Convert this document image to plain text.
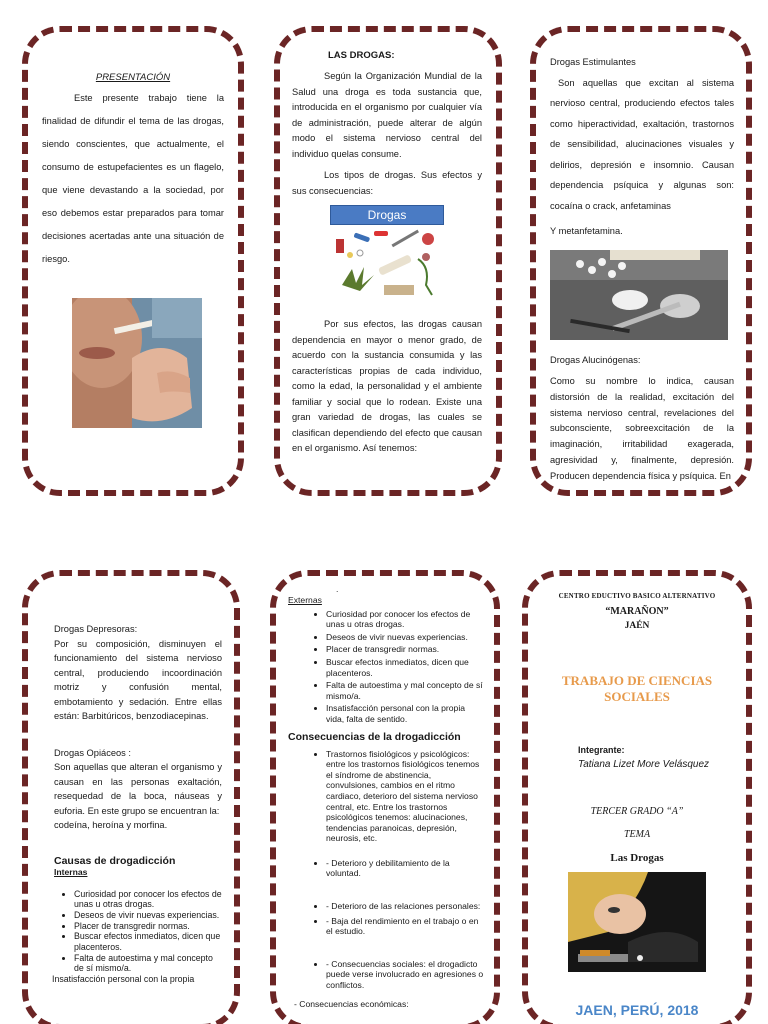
PRESENTACIÓN
Este presente trabajo tiene la finalidad de difundir el tema de las drogas, siendo conscientes, que actualmente, el consumo de estupefacientes es un flagelo, que viene devastando a la sociedad, por eso debemos estar preparados para tomar decisiones acertadas ante una situación de riesgo.
LAS DROGAS:

Según la Organización Mundial de la Salud una droga es toda sustancia que, introducida en el organismo por cualquier vía de administración, puede alterar de algún modo el sistema nervioso central del individuo quelas consume.

Los tipos de drogas. Sus efectos y sus consecuencias:

Drogas

Por sus efectos, las drogas causan dependencia en mayor o menor grado, de acuerdo con la sustancia consumida y las características propias de cada individuo, como la edad, la personalidad y el ambiente familiar y social que lo rodean. Existe una gran variedad de drogas, las cuales se clasifican dependiendo del efecto que causan en el organismo. Así tenemos:

Drogas Estimulantes
Son aquellas que excitan al sistema nervioso central, produciendo efectos tales como hiperactividad, exaltación, trastornos de sensibilidad, alucinaciones visuales y delirios, depresión e insomnio. Causan dependencia psíquica y algunas son: cocaína o crack, anfetaminas
Y metanfetamina.
Drogas Alucinógenas:
Como su nombre lo indica, causan distorsión de la realidad, excitación del sistema nervioso central, revelaciones del subconsciente, sobreexcitación de la imaginación, irritabilidad exagerada, agresividad y, finalmente, depresión. Producen dependencia física y psíquica. En
Drogas Depresoras:
Por su composición, disminuyen el funcionamiento del sistema nervioso central, produciendo incoordinación motriz y confusión mental, embotamiento y sedación. Entre ellas están: Barbitúricos, benzodiacepinas.
Drogas Opiáceos :
Son aquellas que alteran el organismo y causan en las personas exaltación, resequedad de la boca, náuseas y euforia. En este grupo se encuentran la:
codeína, heroína y morfina.
Causas de drogadicción
Internas
• Curiosidad por conocer los efectos de unas u otras drogas.
• Deseos de vivir nuevas experiencias.
• Placer de transgredir normas.
• Buscar efectos inmediatos, dicen que placenteros.
• Falta de autoestima y mal concepto de sí mismo/a.
Insatisfacción personal con la propia
.
Externas
• Curiosidad por conocer los efectos de unas u otras drogas.
• Deseos de vivir nuevas experiencias.
• Placer de transgredir normas.
• Buscar efectos inmediatos, dicen que placenteros.
• Falta de autoestima y mal concepto de sí mismo/a.
• Insatisfacción personal con la propia vida, falta de sentido.
Consecuencias de la drogadicción
• Trastornos fisiológicos y psicológicos: entre los trastornos fisiológicos tenemos el síndrome de abstinencia, convulsiones, cambios en el ritmo cardiaco, deterioro del sistema nervioso central, etc. Entre los trastornos psicológicos tenemos: alucinaciones, tendencias paranoicas, depresión, neurosis, etc.
• - Deterioro y debilitamiento de la voluntad.
• - Deterioro de las relaciones personales:
• - Baja del rendimiento en el trabajo o en el estudio.
• - Consecuencias sociales: el drogadicto puede verse involucrado en agresiones o conflictos.
- Consecuencias económicas:
CENTRO EDUCTIVO BASICO ALTERNATIVO
“MARAÑON”
JAÉN
TRABAJO DE CIENCIAS SOCIALES
Integrante:
Tatiana Lizet More Velásquez
TERCER GRADO “A”
TEMA
Las Drogas
JAEN, PERÚ, 2018
